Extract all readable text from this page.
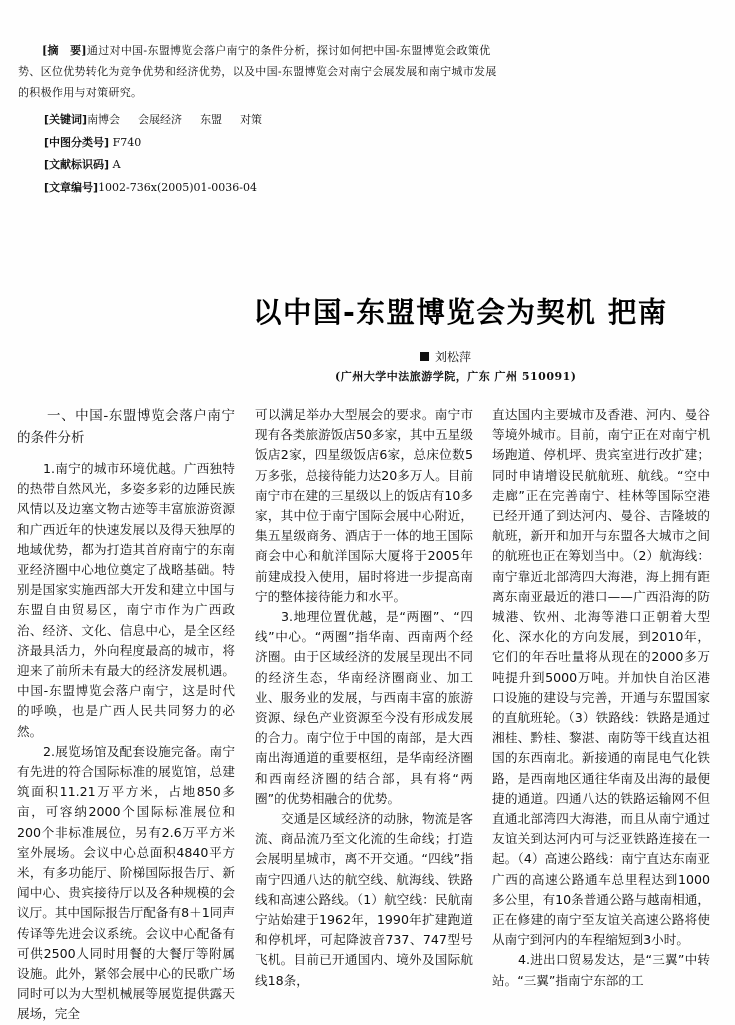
[摘　要]通过对中国-东盟博览会落户南宁的条件分析，探讨如何把中国-东盟博览会政策优势、区位优势转化为竞争优势和经济优势，以及中国-东盟博览会对南宁会展发展和南宁城市发展的积极作用与对策研究。

[关键词]南博会 会展经济 东盟 对策
[中图分类号] F740
[文献标识码] A
[文章编号]1002-736x(2005)01-0036-04
以中国-东盟博览会为契机 把南
刘松萍
(广州大学中法旅游学院，广东 广州 510091)

一、中国-东盟博览会落户南宁的条件分析

1.南宁的城市环境优越。广西独特的热带自然风光，多姿多彩的边陲民族风情以及边塞文物古迹等丰富旅游资源和广西近年的快速发展以及得天独厚的地域优势，都为打造其首府南宁的东南亚经济圈中心地位奠定了战略基础。特别是国家实施西部大开发和建立中国与东盟自由贸易区，南宁市作为广西政治、经济、文化、信息中心，是全区经济最具活力，外向程度最高的城市，将迎来了前所未有最大的经济发展机遇。中国-东盟博览会落户南宁，这是时代的呼唤，也是广西人民共同努力的必然。

2.展览场馆及配套设施完备。南宁有先进的符合国际标准的展览馆，总建筑面积11.21万平方米，占地850多亩，可容纳2000个国际标准展位和200个非标准展位，另有2.6万平方米室外展场。会议中心总面积4840平方米，有多功能厅、阶梯国际报告厅、新闻中心、贵宾接待厅以及各种规模的会议厅。其中国际报告厅配备有8＋1同声传译等先进会议系统。会议中心配备有可供2500人同时用餐的大餐厅等附属设施。此外，紧邻会展中心的民歌广场同时可以为大型机械展等展览提供露天展场，完全

可以满足举办大型展会的要求。南宁市现有各类旅游饭店50多家，其中五星级饭店2家，四星级饭店6家，总床位数5万多张，总接待能力达20多万人。目前南宁市在建的三星级以上的饭店有10多家，其中位于南宁国际会展中心附近，集五星级商务、酒店于一体的地王国际商会中心和航洋国际大厦将于2005年前建成投入使用，届时将进一步提高南宁的整体接待能力和水平。

3.地理位置优越，是“两圈”、“四线”中心。“两圈”指华南、西南两个经济圈。由于区域经济的发展呈现出不同的经济生态，华南经济圈商业、加工业、服务业的发展，与西南丰富的旅游资源、绿色产业资源至今没有形成发展的合力。南宁位于中国的南部，是大西南出海通道的重要枢纽，是华南经济圈和西南经济圈的结合部，具有将“两圈”的优势相融合的优势。

交通是区域经济的动脉，物流是客流、商品流乃至文化流的生命线；打造会展明星城市，离不开交通。“四线”指南宁四通八达的航空线、航海线、铁路线和高速公路线。（1）航空线：民航南宁站始建于1962年，1990年扩建跑道和停机坪，可起降波音737、747型号飞机。目前已开通国内、境外及国际航线18条，

直达国内主要城市及香港、河内、曼谷等境外城市。目前，南宁正在对南宁机场跑道、停机坪、贵宾室进行改扩建；同时申请增设民航航班、航线。“空中走廊”正在完善南宁、桂林等国际空港已经开通了到达河内、曼谷、吉隆坡的航班，新开和加开与东盟各大城市之间的航班也正在筹划当中。（2）航海线：南宁靠近北部湾四大海港，海上拥有距离东南亚最近的港口——广西沿海的防城港、钦州、北海等港口正朝着大型化、深水化的方向发展，到2010年，它们的年吞吐量将从现在的2000多万吨提升到5000万吨。并加快自治区港口设施的建设与完善，开通与东盟国家的直航班轮。（3）铁路线：铁路是通过湘桂、黔桂、黎湛、南防等干线直达祖国的东西南北。新接通的南昆电气化铁路，是西南地区通往华南及出海的最便捷的通道。四通八达的铁路运输网不但直通北部湾四大海港，而且从南宁通过友谊关到达河内可与泛亚铁路连接在一起。（4）高速公路线：南宁直达东南亚广西的高速公路通车总里程达到1000多公里，有10条普通公路与越南相通，正在修建的南宁至友谊关高速公路将使从南宁到河内的车程缩短到3小时。

4.进出口贸易发达，是“三翼”中转站。“三翼”指南宁东部的工
